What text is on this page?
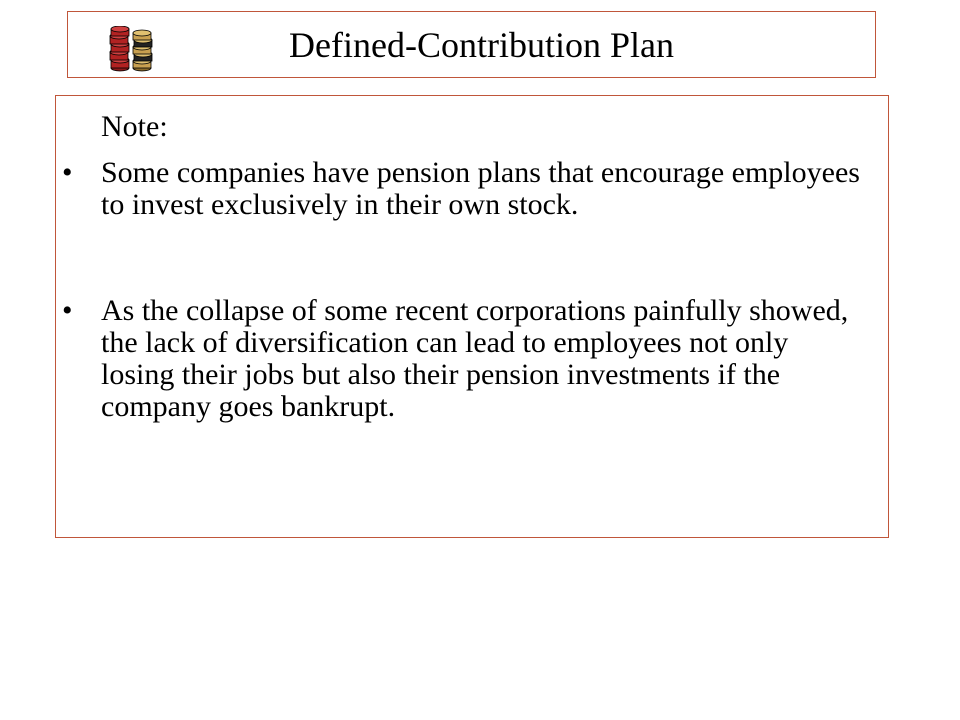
Defined-Contribution Plan
Note:
• Some companies have pension plans that encourage employees to invest exclusively in their own stock.
• As the collapse of some recent corporations painfully showed, the lack of diversification can lead to employees not only losing their jobs but also their pension investments if the company goes bankrupt.
